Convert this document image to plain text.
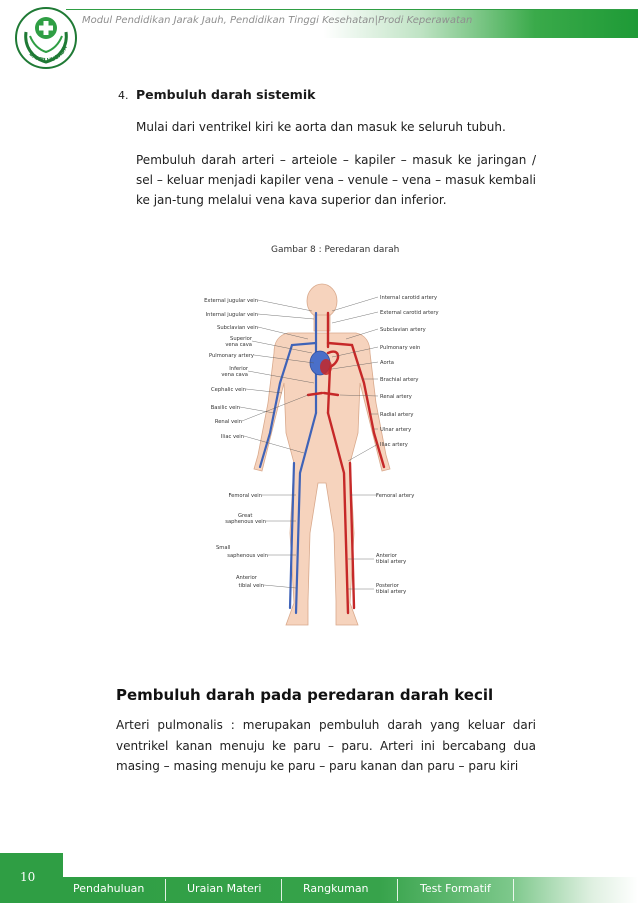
Modul Pendidikan Jarak Jauh, Pendidikan Tinggi Kesehatan|Prodi Keperawatan
BAKTI HUSADA
4. Pembuluh darah sistemik
Mulai dari ventrikel kiri ke aorta dan masuk ke seluruh tubuh.
Pembuluh darah arteri – arteiole – kapiler – masuk ke jaringan / sel – keluar menjadi kapiler vena – venule – vena – masuk kembali ke jan-tung melalui vena kava superior dan inferior.
Gambar 8 : Peredaran darah
External jugular vein
Internal jugular vein
Subclavian vein
Superior
vena cava
Pulmonary artery
Inferior
vena cava
Cephalic vein
Basilic vein
Renal vein
Iliac vein
Femoral vein
Great
saphenous vein
Small
saphenous vein
Anterior
tibial vein
Internal carotid artery
External carotid artery
Subclavian artery
Pulmonary vein
Aorta
Brachial artery
Renal artery
Radial artery
Ulnar artery
Iliac artery
Femoral artery
Anterior
tibial artery
Posterior
tibial artery
Pembuluh darah pada peredaran darah kecil
Arteri pulmonalis : merupakan pembuluh darah yang keluar dari ventrikel kanan menuju ke paru – paru. Arteri ini bercabang dua masing – masing menuju ke paru – paru kanan dan paru – paru kiri
10
Pendahuluan	Uraian Materi	Rangkuman	Test Formatif
